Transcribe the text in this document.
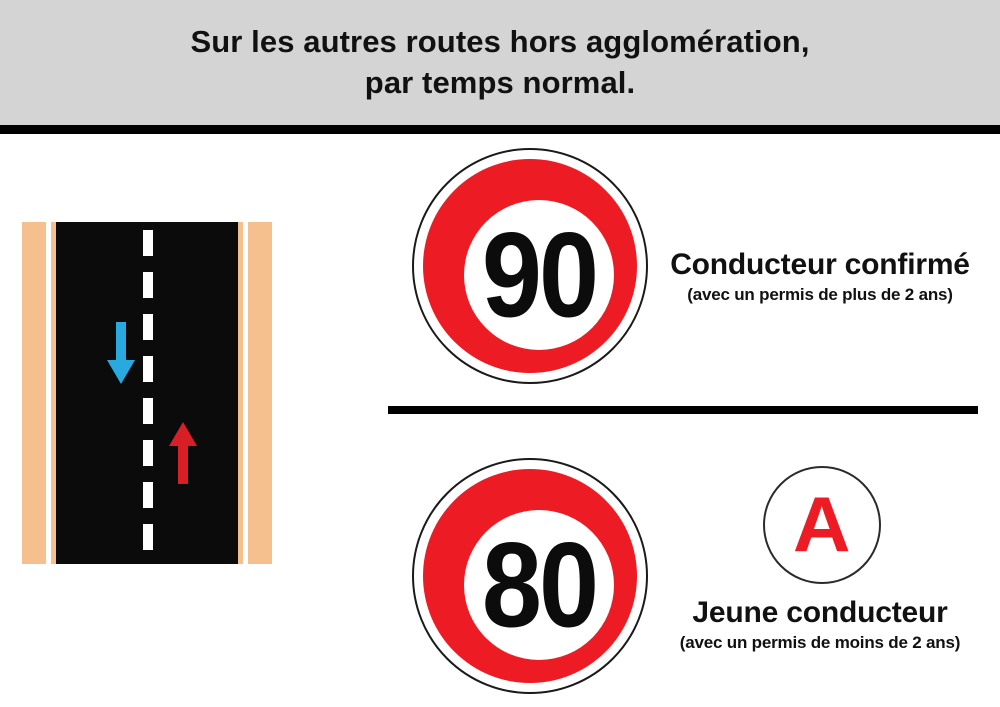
Sur les autres routes hors agglomération,
par temps normal.
90	Conducteur confirmé
(avec un permis de plus de 2 ans)
80	A
Jeune conducteur
(avec un permis de moins de 2 ans)
